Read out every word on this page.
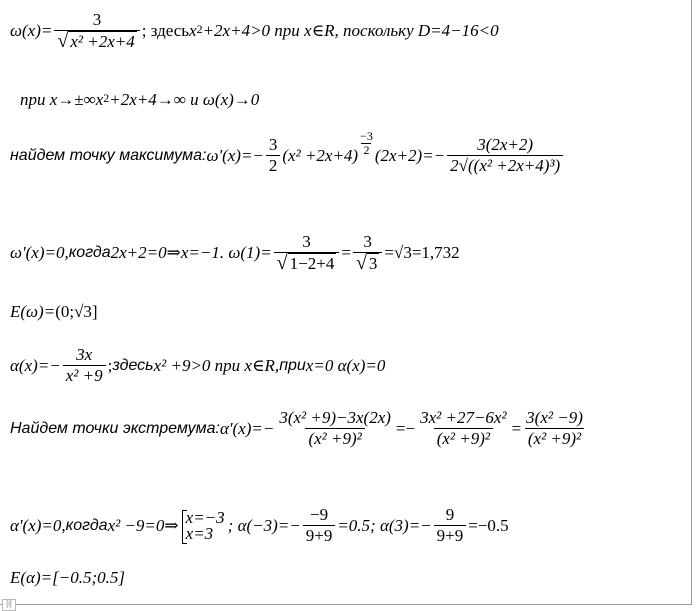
$\omega(x)= \frac{3}{\text{√ x² +2x+4}}$ ; здесь $x^2 +2x+4>0$ при x∈R, поскольку D=4−16<0
при x→±∞ $x^2 +2x+4\to\infty$ и ω(x)→0
найдем точку максимума: $\omega'(x)=- \frac{3}{2} (x^2 +2x+4) \frac{-3}{2} (2x+2)=- \frac{3(2x+2)}{\text{2√((x² +2x+4)³)}}$
ω'(x)=0, когда 2x+2=0⇒x=−1. $\omega(1)= \frac{3}{√ 1-2+4} = \frac{3}{√ 3} =√3=1,732$
E(ω)= (0;√3]
$\alpha(x)=- \frac{3x}{\text{x² +9}}$ ; здесь x² +9>0 при x∈R, при x=0 α(x)=0
Найдем точки экстремума: $\alpha'(x)=- \frac{\text{3(x² +9)−3x(2x)}}{\text{(x² +9)²}} =- \frac{\text{3x² +27−6x²}}{\text{(x² +9)²}} = \frac{\text{3(x² −9)}}{\text{(x² +9)²}}$
α'(x)=0, когда x² −9=0⇒ x=−3
x=3 ; $\alpha(-3)=- \frac{-9}{9+9} =0.5$; $\alpha(3)=- \frac{9}{9+9} =-0.5$
E(α)=[−0.5;0.5]
[i]
